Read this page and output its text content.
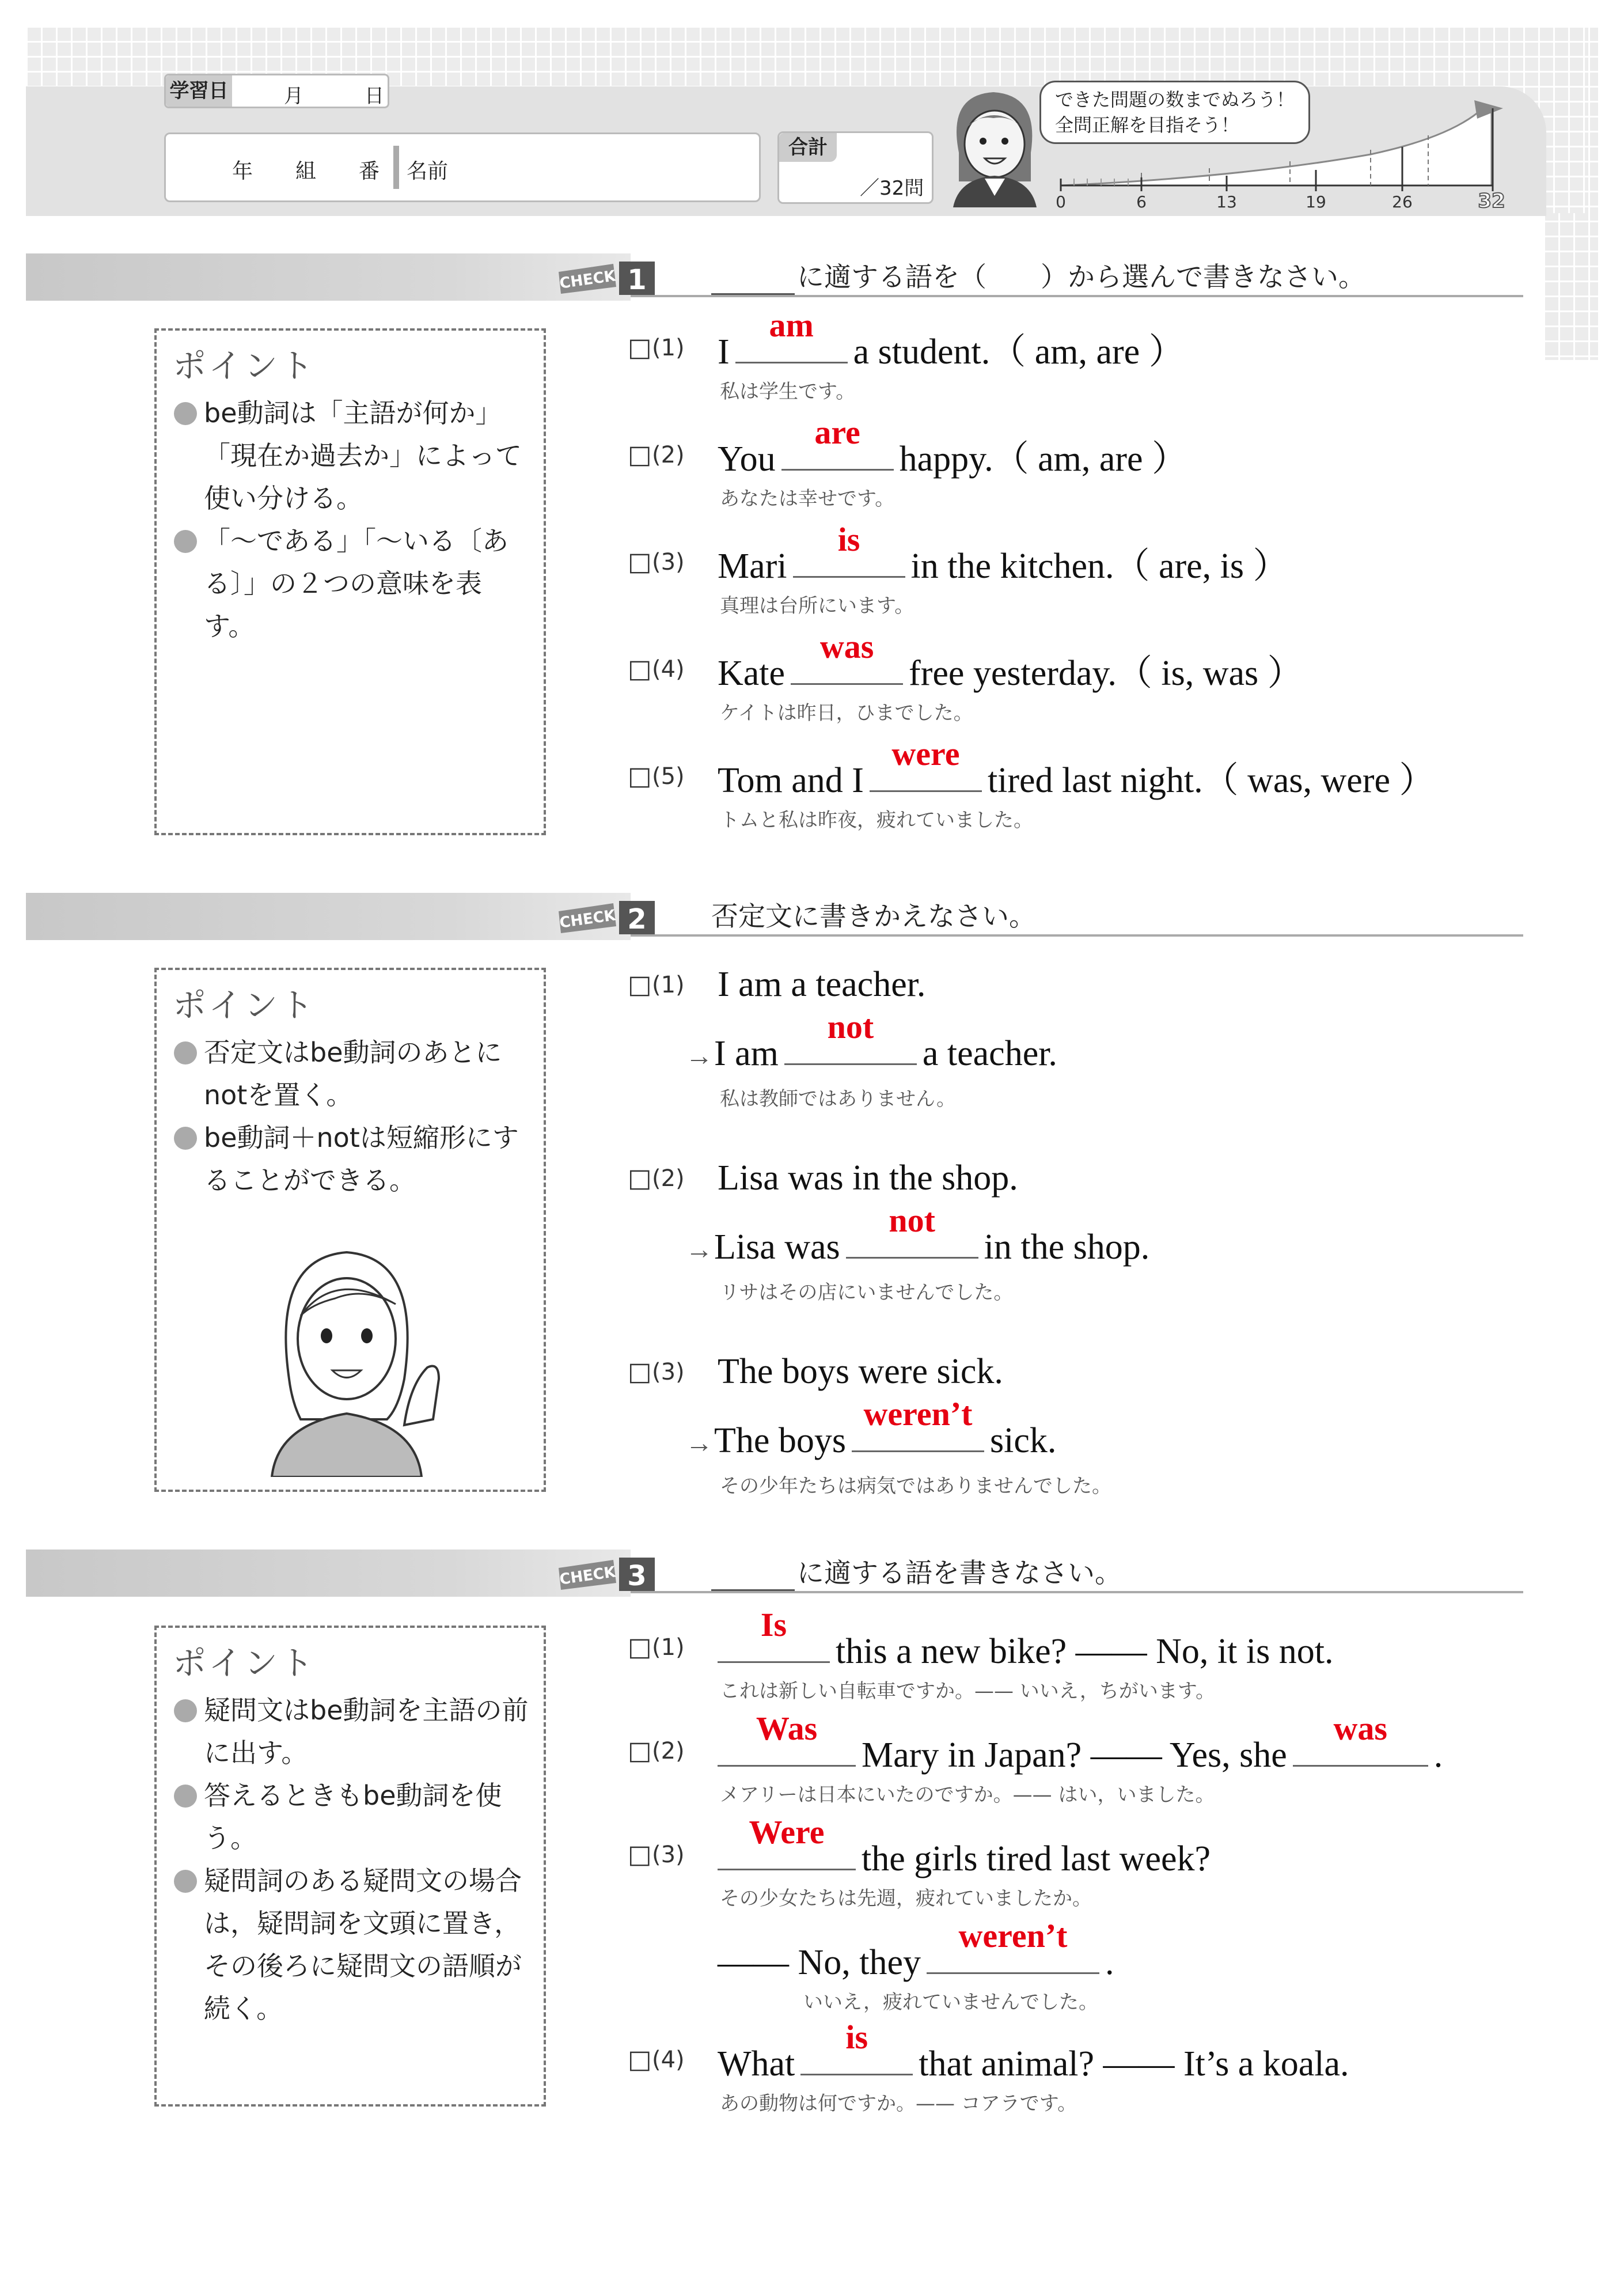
学習日	月	日
年 組 番 名前
合計
／32問
できた問題の数までぬろう！
全問正解を目指そう！
0	6	13	19	26	32
CHECK 1	に適する語を（　　）から選んで書きなさい。
ポイント
be動詞は「主語が何か」「現在か過去か」によって使い分ける。
「～である」「～いる〔ある〕」の２つの意味を表す。
□ (1) I
am
a student.（ am, are ）
私は学生です。
□ (2) You
are
happy.（ am, are ）
あなたは幸せです。
□ (3) Mari
is
in the kitchen.（ are, is ）
真理は台所にいます。
□ (4) Kate
was
free yesterday.（ is, was ）
ケイトは昨日，ひまでした。
□ (5) Tom and I
were
tired last night.（ was, were ）
トムと私は昨夜，疲れていました。
CHECK 2 否定文に書きかえなさい。
ポイント
否定文はbe動詞のあとにnotを置く。
be動詞＋notは短縮形にすることができる。
□ (1) I am a teacher.
→I am
not
a teacher.
私は教師ではありません。
□ (2) Lisa was in the shop.
→Lisa was
not
in the shop.
リサはその店にいませんでした。
□ (3) The boys were sick.
→The boys
weren’t
sick.
その少年たちは病気ではありませんでした。
CHECK 3	に適する語を書きなさい。
ポイント
疑問文はbe動詞を主語の前に出す。
答えるときもbe動詞を使う。
疑問詞のある疑問文の場合は，疑問詞を文頭に置き，その後ろに疑問文の語順が続く。
□ (1)
Is
this a new bike? —— No, it is not.
これは新しい自転車ですか。—— いいえ，ちがいます。
□ (2)
Was
Mary in Japan? —— Yes, she
was
.
メアリーは日本にいたのですか。—— はい，いました。
□ (3)
Were
the girls tired last week?
その少女たちは先週，疲れていましたか。
—— No, they
weren’t
.
いいえ，疲れていませんでした。
□ (4) What
is
that animal? —— It’s a koala.
あの動物は何ですか。—— コアラです。
